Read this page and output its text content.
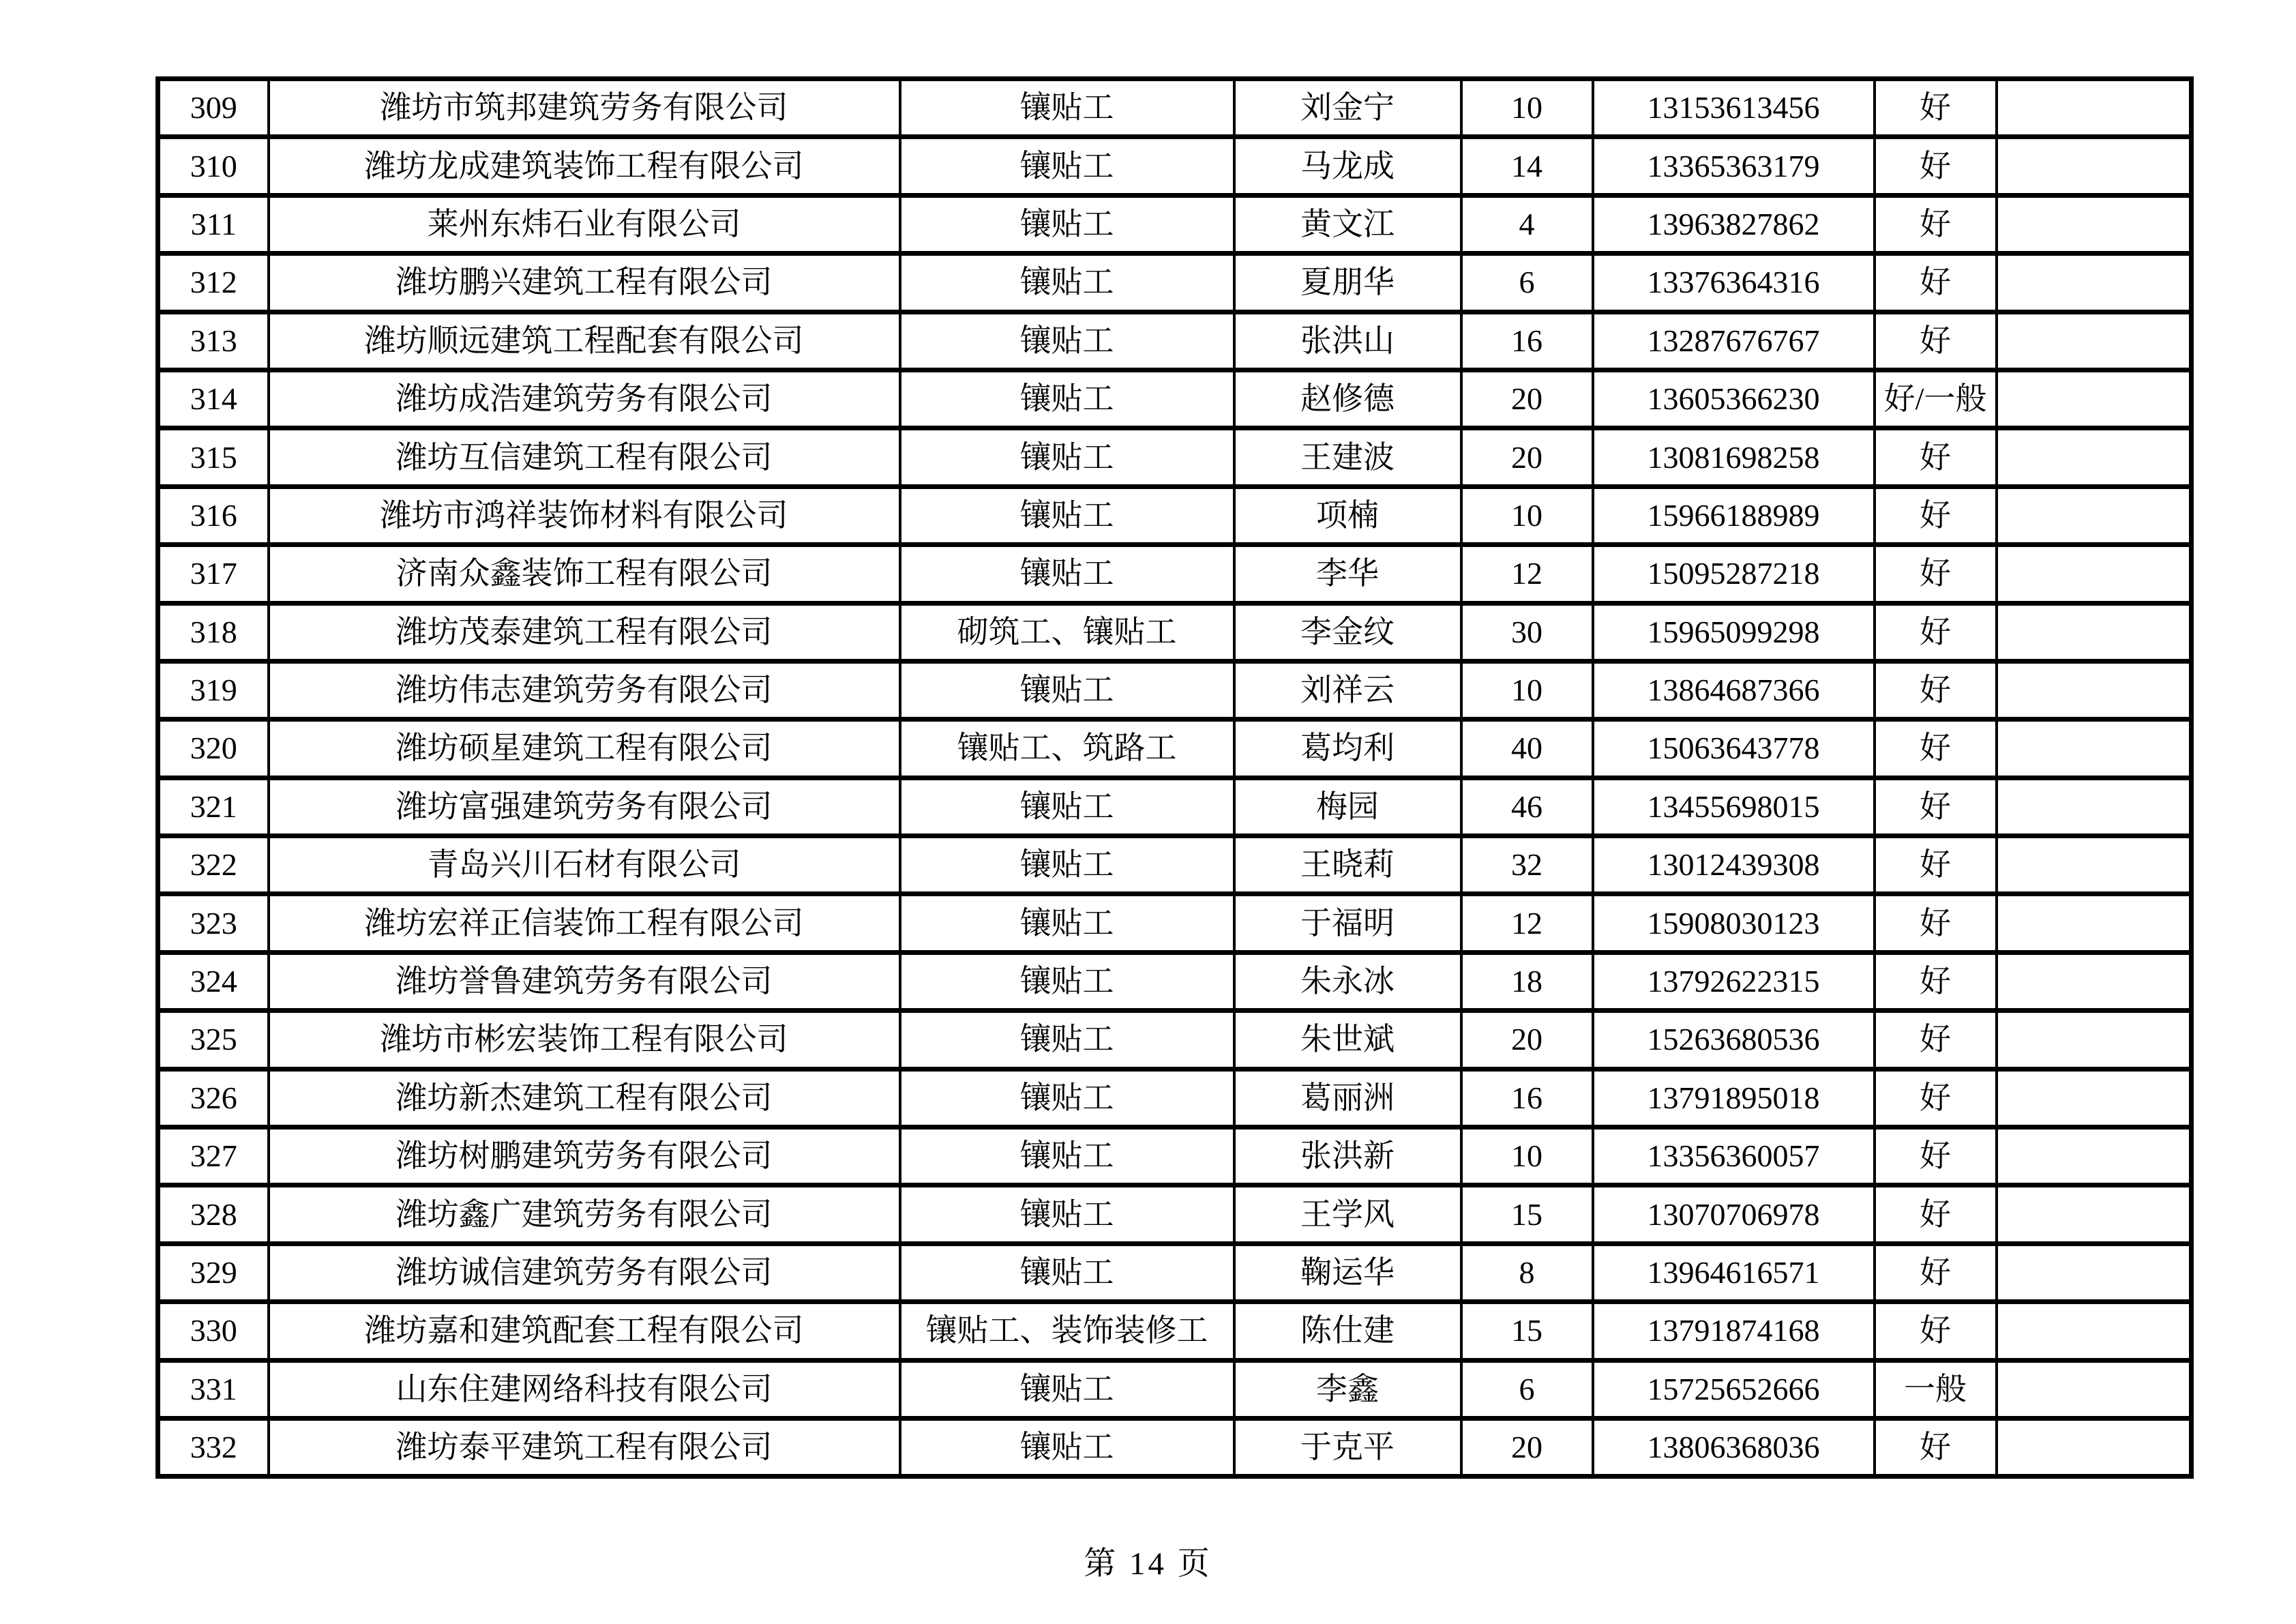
309	潍坊市筑邦建筑劳务有限公司	镶贴工	刘金宁	10	13153613456	好	
310	潍坊龙成建筑装饰工程有限公司	镶贴工	马龙成	14	13365363179	好	
311	莱州东炜石业有限公司	镶贴工	黄文江	4	13963827862	好	
312	潍坊鹏兴建筑工程有限公司	镶贴工	夏朋华	6	13376364316	好	
313	潍坊顺远建筑工程配套有限公司	镶贴工	张洪山	16	13287676767	好	
314	潍坊成浩建筑劳务有限公司	镶贴工	赵修德	20	13605366230	好/一般	
315	潍坊互信建筑工程有限公司	镶贴工	王建波	20	13081698258	好	
316	潍坊市鸿祥装饰材料有限公司	镶贴工	项楠	10	15966188989	好	
317	济南众鑫装饰工程有限公司	镶贴工	李华	12	15095287218	好	
318	潍坊茂泰建筑工程有限公司	砌筑工、镶贴工	李金纹	30	15965099298	好	
319	潍坊伟志建筑劳务有限公司	镶贴工	刘祥云	10	13864687366	好	
320	潍坊硕星建筑工程有限公司	镶贴工、筑路工	葛均利	40	15063643778	好	
321	潍坊富强建筑劳务有限公司	镶贴工	梅园	46	13455698015	好	
322	青岛兴川石材有限公司	镶贴工	王晓莉	32	13012439308	好	
323	潍坊宏祥正信装饰工程有限公司	镶贴工	于福明	12	15908030123	好	
324	潍坊誉鲁建筑劳务有限公司	镶贴工	朱永冰	18	13792622315	好	
325	潍坊市彬宏装饰工程有限公司	镶贴工	朱世斌	20	15263680536	好	
326	潍坊新杰建筑工程有限公司	镶贴工	葛丽洲	16	13791895018	好	
327	潍坊树鹏建筑劳务有限公司	镶贴工	张洪新	10	13356360057	好	
328	潍坊鑫广建筑劳务有限公司	镶贴工	王学风	15	13070706978	好	
329	潍坊诚信建筑劳务有限公司	镶贴工	鞠运华	8	13964616571	好	
330	潍坊嘉和建筑配套工程有限公司	镶贴工、装饰装修工	陈仕建	15	13791874168	好	
331	山东住建网络科技有限公司	镶贴工	李鑫	6	15725652666	一般	
332	潍坊泰平建筑工程有限公司	镶贴工	于克平	20	13806368036	好	
第 14 页
